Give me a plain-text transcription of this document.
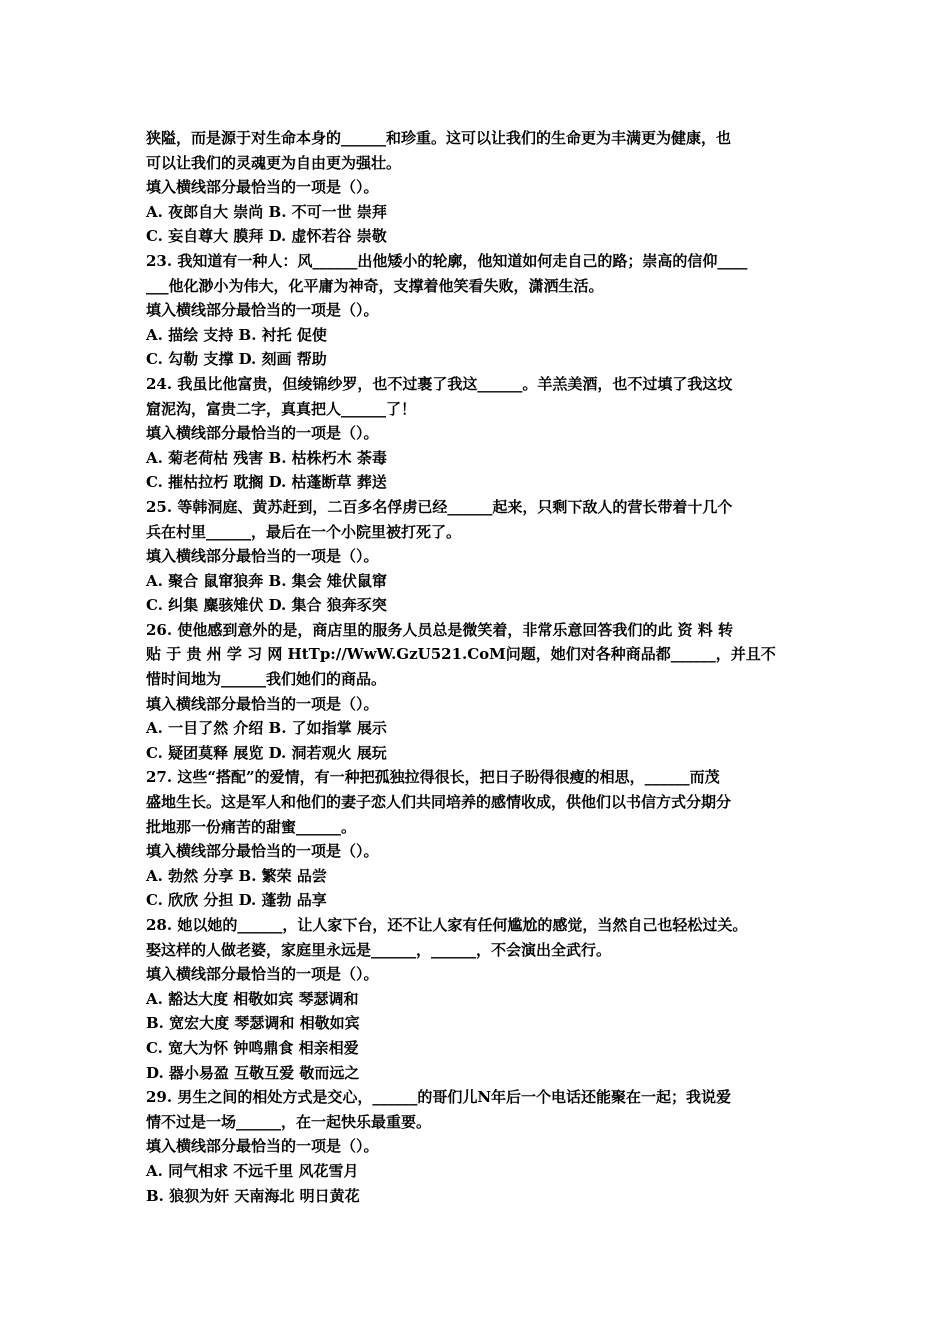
狭隘，而是源于对生命本身的______和珍重。这可以让我们的生命更为丰满更为健康，也
可以让我们的灵魂更为自由更为强壮。
填入横线部分最恰当的一项是（）。
A. 夜郎自大 崇尚 B. 不可一世 崇拜
C. 妄自尊大 膜拜 D. 虚怀若谷 崇敬
23. 我知道有一种人：风______出他矮小的轮廓，他知道如何走自己的路；崇高的信仰____
___他化渺小为伟大，化平庸为神奇，支撑着他笑看失败，潇洒生活。
填入横线部分最恰当的一项是（）。
A. 描绘 支持 B. 衬托 促使
C. 勾勒 支撑 D. 刻画 帮助
24. 我虽比他富贵，但绫锦纱罗，也不过裹了我这______。羊羔美酒，也不过填了我这坟
窟泥沟，富贵二字，真真把人______了！
填入横线部分最恰当的一项是（）。
A. 菊老荷枯 残害 B. 枯株朽木 荼毒
C. 摧枯拉朽 耽搁 D. 枯蓬断草 葬送
25. 等韩洞庭、黄苏赶到，二百多名俘虏已经______起来，只剩下敌人的营长带着十几个
兵在村里______，最后在一个小院里被打死了。
填入横线部分最恰当的一项是（）。
A. 聚合 鼠窜狼奔 B. 集会 雉伏鼠窜
C. 纠集 麋骇雉伏 D. 集合 狼奔豕突
26. 使他感到意外的是，商店里的服务人员总是微笑着，非常乐意回答我们的此 资 料 转
贴 于 贵 州 学 习 网 HtTp://WwW.GzU521.CoM问题，她们对各种商品都______，并且不
惜时间地为______我们她们的商品。
填入横线部分最恰当的一项是（）。
A. 一目了然 介绍 B. 了如指掌 展示
C. 疑团莫释 展览 D. 洞若观火 展玩
27. 这些“搭配”的爱情，有一种把孤独拉得很长，把日子盼得很瘦的相思，______而茂
盛地生长。这是军人和他们的妻子恋人们共同培养的感情收成，供他们以书信方式分期分
批地那一份痛苦的甜蜜______。
填入横线部分最恰当的一项是（）。
A. 勃然 分享 B. 繁荣 品尝
C. 欣欣 分担 D. 蓬勃 品享
28. 她以她的______，让人家下台，还不让人家有任何尴尬的感觉，当然自己也轻松过关。
娶这样的人做老婆，家庭里永远是______，______，不会演出全武行。
填入横线部分最恰当的一项是（）。
A. 豁达大度 相敬如宾 琴瑟调和
B. 宽宏大度 琴瑟调和 相敬如宾
C. 宽大为怀 钟鸣鼎食 相亲相爱
D. 器小易盈 互敬互爱 敬而远之
29. 男生之间的相处方式是交心，______的哥们儿N年后一个电话还能聚在一起；我说爱
情不过是一场______，在一起快乐最重要。
填入横线部分最恰当的一项是（）。
A. 同气相求 不远千里 风花雪月
B. 狼狈为奸 天南海北 明日黄花
